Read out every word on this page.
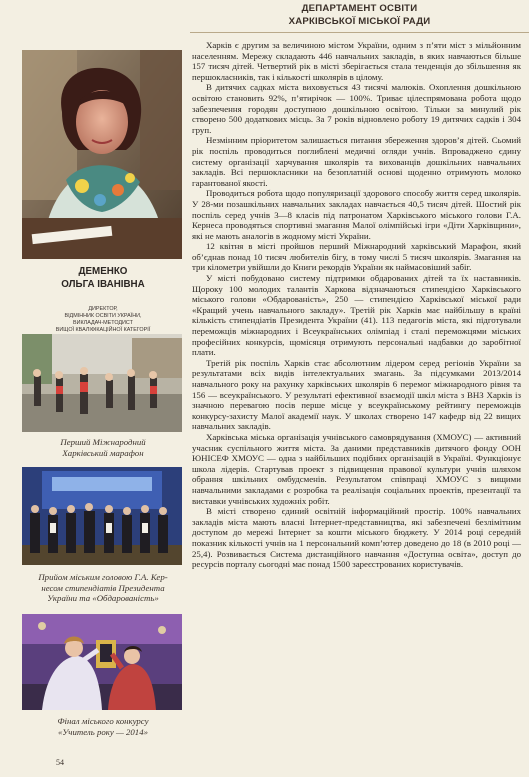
ДЕПАРТАМЕНТ ОСВІТИ
ХАРКІВСЬКОЇ МІСЬКОЇ РАДИ
ДЕМЕНКО
ОЛЬГА ІВАНІВНА
ДИРЕКТОР,
ВІДМІННИК ОСВІТИ УКРАЇНИ,
ВИКЛАДАЧ-МЕТОДИСТ
ВИЩОЇ КВАЛІФІКАЦІЙНОЇ КАТЕГОРІЇ
Перший Міжнародний
Харківський марафон
Прийом міським головою Г.А. Кер-
несом стипендіатів Президента
України та «Обдарованість»
Фінал міського конкурсу
«Учитель року — 2014»
54

Харків є другим за величиною містом України, одним з п’яти міст з мільйонним населенням. Мережу складають 446 навчальних закладів, в яких навчаються більше 157 тисяч дітей. Четвертий рік в місті зберігається стала тенденція до збільшення як першокласників, так і кількості школярів в цілому.

В дитячих садках міста виховується 43 тисячі малюків. Охоплення дошкільною освітою становить 92%, п’ятирічок — 100%. Триває цілеспрямована робота щодо забезпечення городян доступною дошкільною освітою. Тільки за минулий рік створено 500 додаткових місць. За 7 років відновлено роботу 19 дитячих садків і 304 груп.

Незмінним пріоритетом залишається питання збереження здоров’я дітей. Сьомий рік поспіль проводиться поглиблені медичні огляди учнів. Впроваджено єдину систему організації харчування школярів та вихованців дошкільних навчальних закладів. Всі першокласники на безоплатній основі щоденно отримують молоко гарантованої якості.

Проводиться робота щодо популяризації здорового способу життя серед школярів. У 28-ми позашкільних навчальних закладах навчається 40,5 тисяч дітей. Шостий рік поспіль серед учнів 3—8 класів під патронатом Харківського міського голови Г.А. Кернеса проводяться спортивні змагання Малої олімпійські ігри «Діти Харківщини», які не мають аналогів в жодному місті України.

12 квітня в місті пройшов перший Міжнародний харківський Марафон, який об’єднав понад 10 тисяч любителів бігу, в тому числі 5 тисяч школярів. Змагання на три кілометри увійшли до Книги рекордів України як наймасовіший забіг.

У місті побудовано систему підтримки обдарованих дітей та їх наставників. Щороку 100 молодих талантів Харкова відзначаються стипендією Харківського міського голови «Обдарованість», 250 — стипендією Харківської міської ради «Кращий учень навчального закладу». Третій рік Харків має найбільшу в країні кількість стипендіатів Президента України (41). 113 педагогів міста, які підготували переможців міжнародних і Всеукраїнських олімпіад і сталі переможцями міських професійних конкурсів, щомісяця отримують персональні надбавки до заробітної плати.

Третій рік поспіль Харків стає абсолютним лідером серед регіонів України за результатами всіх видів інтелектуальних змагань. За підсумками 2013/2014 навчального року на рахунку харківських школярів 6 перемог міжнародного рівня та 156 — всеукраїнського. У результаті ефективної взаємодії шкіл міста з ВНЗ Харків із значною перевагою посів перше місце у всеукраїнському рейтингу переможців конкурсу-захисту Малої академії наук. У школах створено 147 кафедр від 22 вищих навчальних закладів.

Харківська міська організація учнівського самоврядування (ХМОУС) — активний учасник суспільного життя міста. За даними представників дитячого фонду ООН ЮНІСЕФ ХМОУС — одна з найбільших подібних організацій в Україні. Функціонує школа лідерів. Стартував проект з підвищення правової культури учнів шляхом обрання шкільних омбудсменів. Результатом співпраці ХМОУС з вищими навчальними закладами є розробка та реалізація соціальних проектів, презентації та виставки учнівських художніх робіт.

В місті створено єдиний освітній інформаційний простір. 100% навчальних закладів міста мають власні Інтернет-представництва, які забезпечені безлімітним доступом до мережі Інтернет за кошти міського бюджету. У 2014 році середній показник кількості учнів на 1 персональний комп’ютер доведено до 18 (в 2010 році — 25,4). Розвивається Система дистанційного навчання «Доступна освіта», доступ до ресурсів порталу сьогодні має понад 1500 зареєстрованих користувачів.
